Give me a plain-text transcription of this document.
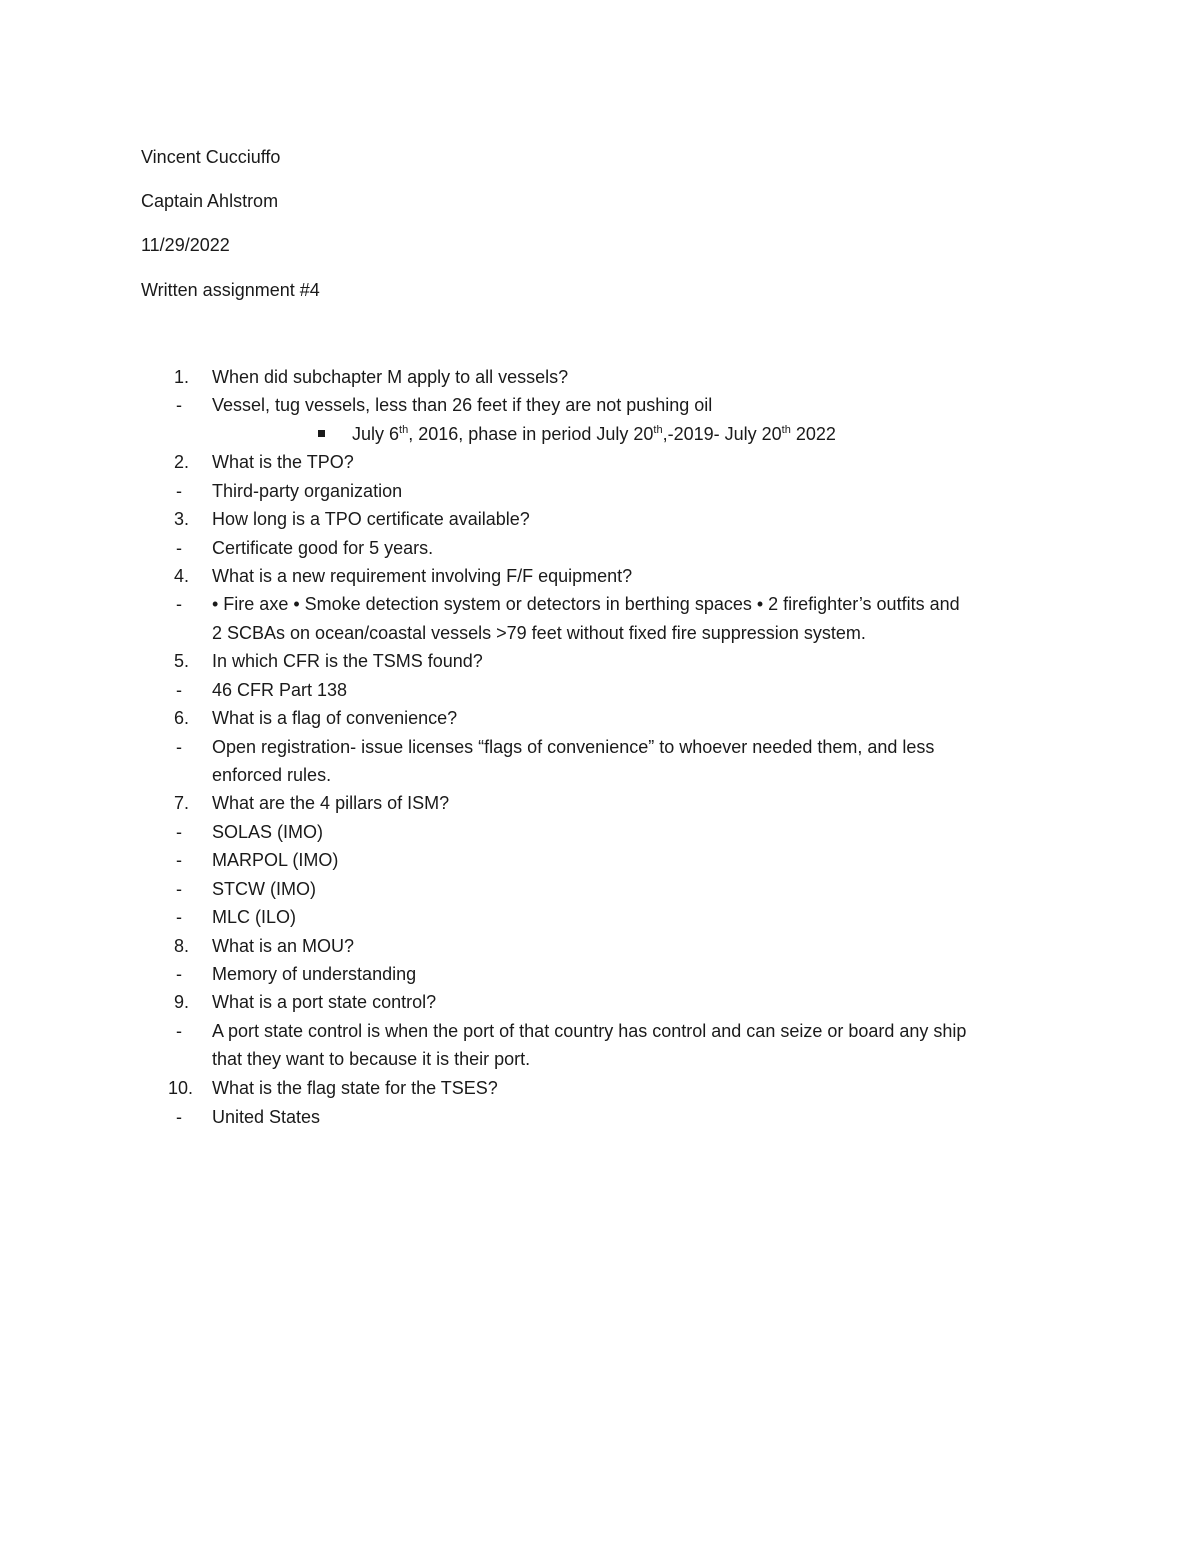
Vincent Cucciuffo
Captain Ahlstrom
11/29/2022
Written assignment #4
1. When did subchapter M apply to all vessels?
- Vessel, tug vessels, less than 26 feet if they are not pushing oil
July 6th, 2016, phase in period July 20th,-2019- July 20th 2022
2. What is the TPO?
- Third-party organization
3. How long is a TPO certificate available?
- Certificate good for 5 years.
4. What is a new requirement involving F/F equipment?
- • Fire axe • Smoke detection system or detectors in berthing spaces • 2 firefighter’s outfits and
2 SCBAs on ocean/coastal vessels >79 feet without fixed fire suppression system.
5. In which CFR is the TSMS found?
- 46 CFR Part 138
6. What is a flag of convenience?
- Open registration- issue licenses “flags of convenience” to whoever needed them, and less
enforced rules.
7. What are the 4 pillars of ISM?
- SOLAS (IMO)
- MARPOL (IMO)
- STCW (IMO)
- MLC (ILO)
8. What is an MOU?
- Memory of understanding
9. What is a port state control?
- A port state control is when the port of that country has control and can seize or board any ship
that they want to because it is their port.
10. What is the flag state for the TSES?
- United States
